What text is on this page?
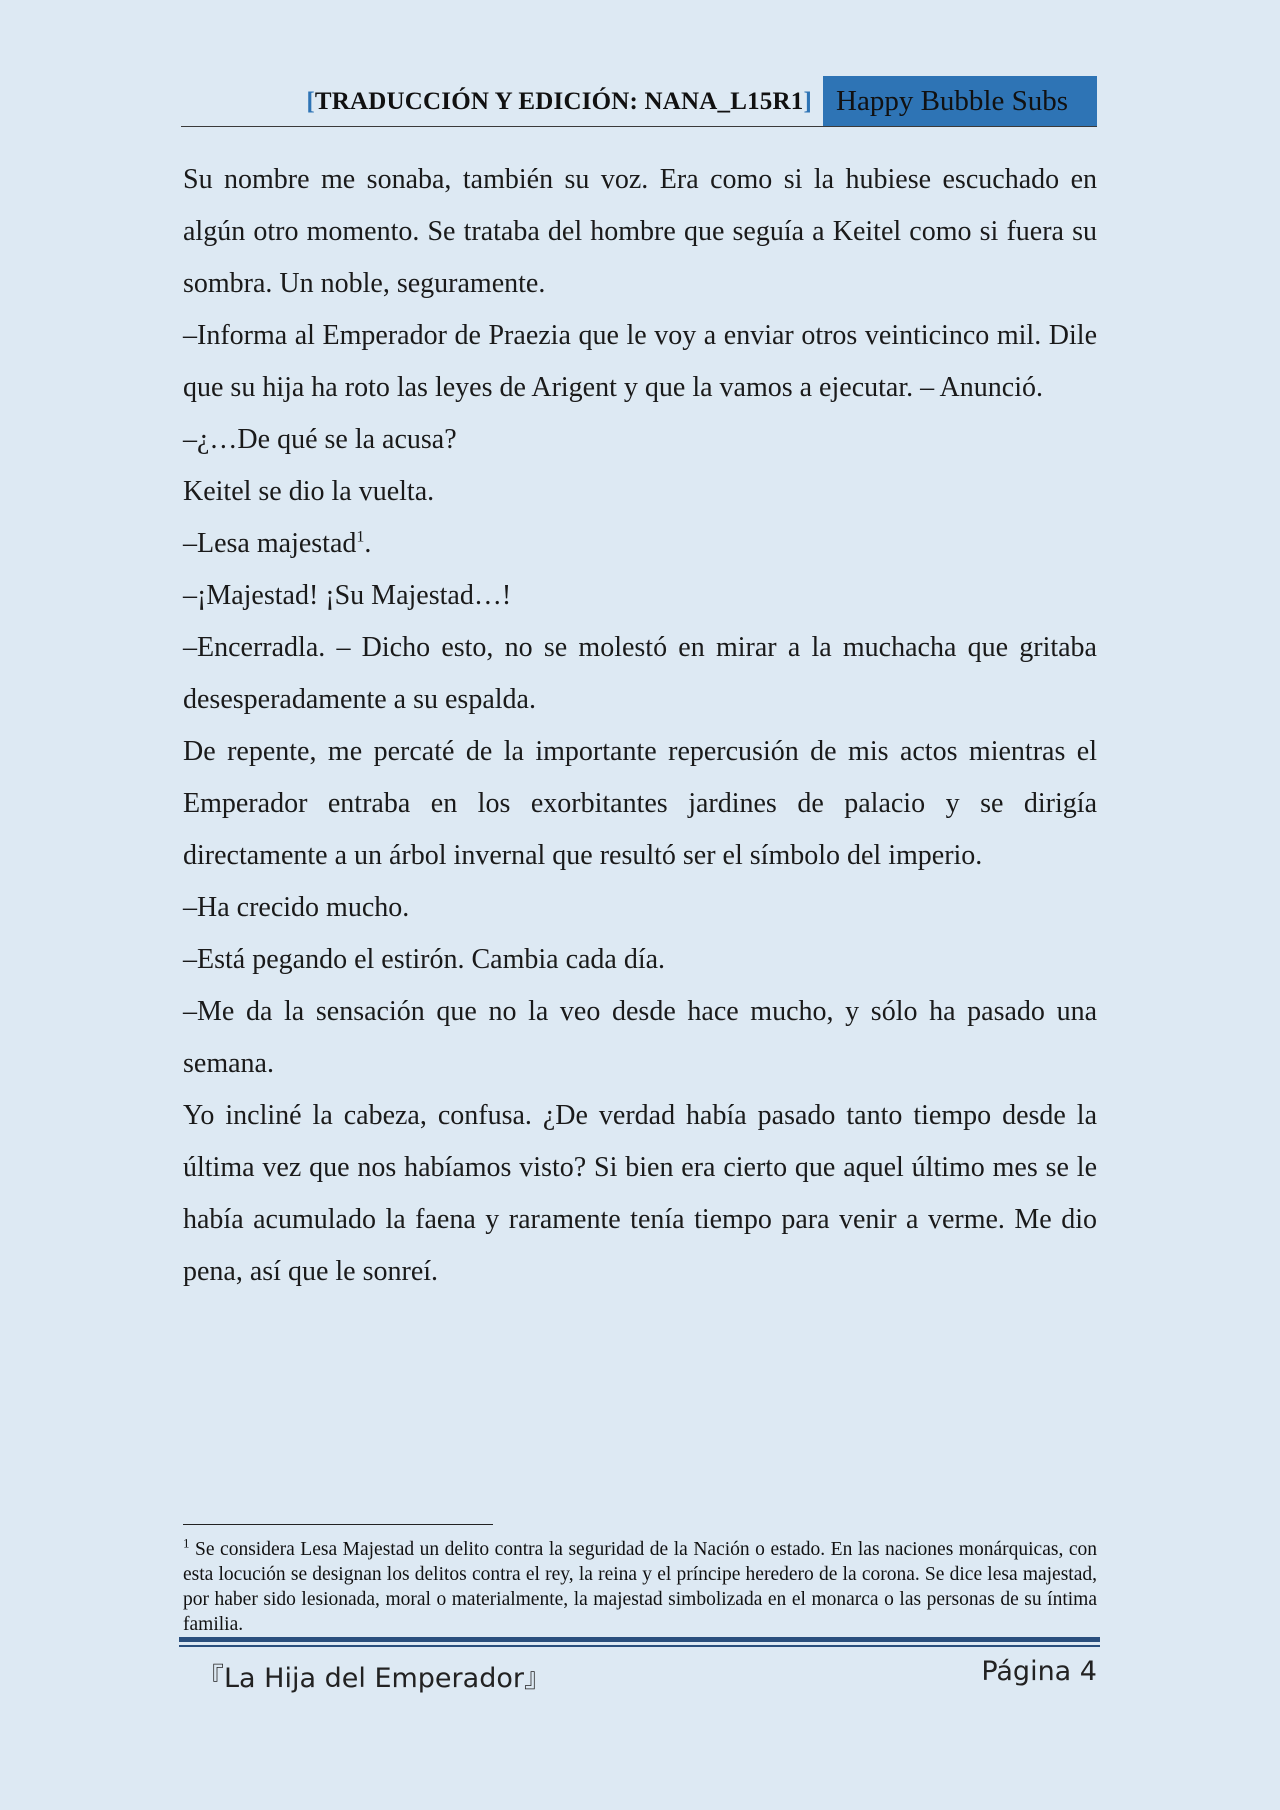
[TRADUCCIÓN Y EDICIÓN: NANA_L15R1] Happy Bubble Subs

Su nombre me sonaba, también su voz. Era como si la hubiese escuchado en algún otro momento. Se trataba del hombre que seguía a Keitel como si fuera su sombra. Un noble, seguramente.

–Informa al Emperador de Praezia que le voy a enviar otros veinticinco mil. Dile que su hija ha roto las leyes de Arigent y que la vamos a ejecutar. – Anunció.

–¿…De qué se la acusa?

Keitel se dio la vuelta.

–Lesa majestad$^1$.

–¡Majestad! ¡Su Majestad…!

–Encerradla. – Dicho esto, no se molestó en mirar a la muchacha que gritaba desesperadamente a su espalda.

De repente, me percaté de la importante repercusión de mis actos mientras el Emperador entraba en los exorbitantes jardines de palacio y se dirigía directamente a un árbol invernal que resultó ser el símbolo del imperio.

–Ha crecido mucho.

–Está pegando el estirón. Cambia cada día.

–Me da la sensación que no la veo desde hace mucho, y sólo ha pasado una semana.

Yo incliné la cabeza, confusa. ¿De verdad había pasado tanto tiempo desde la última vez que nos habíamos visto? Si bien era cierto que aquel último mes se le había acumulado la faena y raramente tenía tiempo para venir a verme. Me dio pena, así que le sonreí.

$^1$ Se considera Lesa Majestad un delito contra la seguridad de la Nación o estado. En las naciones monárquicas, con esta locución se designan los delitos contra el rey, la reina y el príncipe heredero de la corona. Se dice lesa majestad, por haber sido lesionada, moral o materialmente, la majestad simbolizada en el monarca o las personas de su íntima familia.
『La Hija del Emperador』	Página 4
